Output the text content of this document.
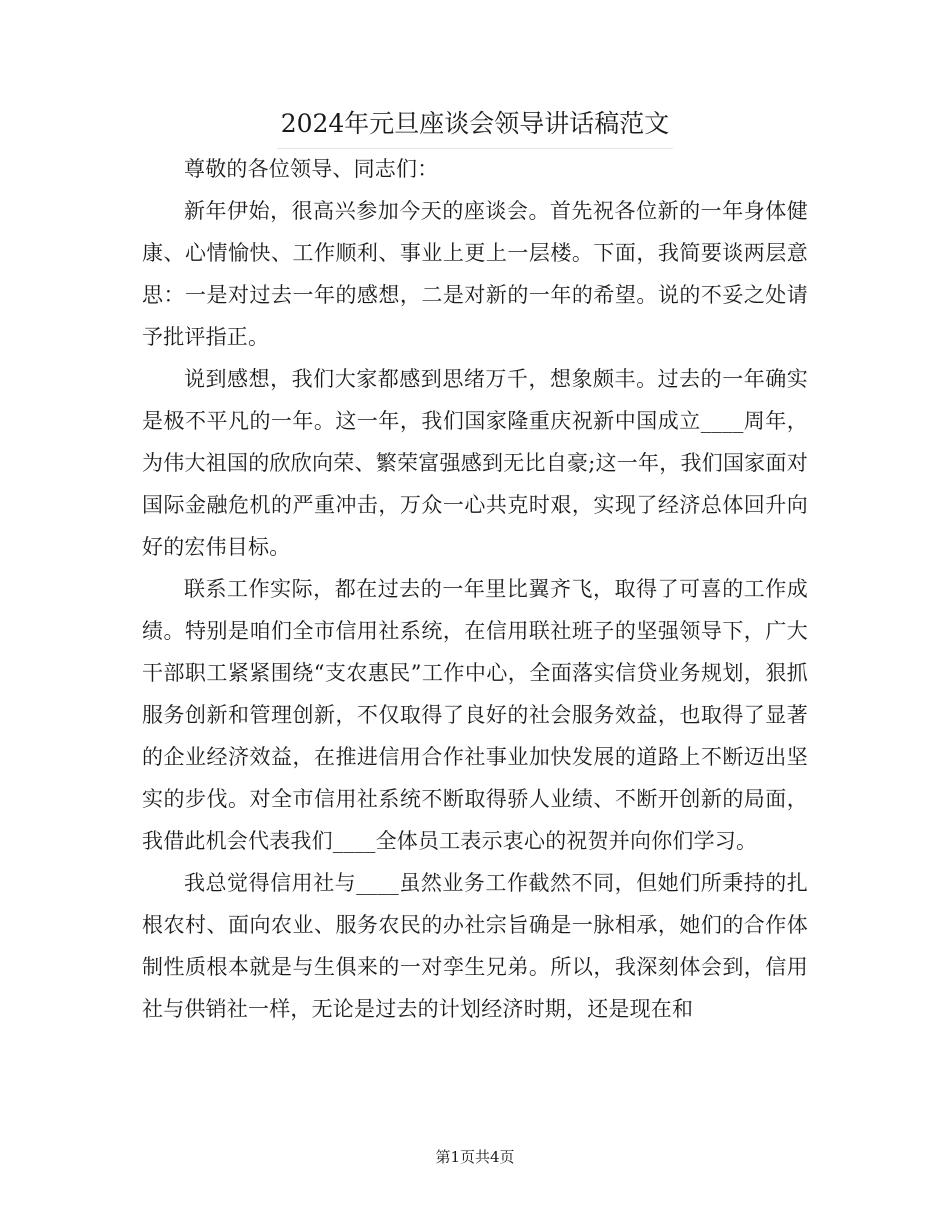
2024年元旦座谈会领导讲话稿范文

尊敬的各位领导、同志们：

新年伊始，很高兴参加今天的座谈会。首先祝各位新的一年身体健康、心情愉快、工作顺利、事业上更上一层楼。下面，我简要谈两层意思：一是对过去一年的感想，二是对新的一年的希望。说的不妥之处请予批评指正。

说到感想，我们大家都感到思绪万千，想象颇丰。过去的一年确实是极不平凡的一年。这一年，我们国家隆重庆祝新中国成立____周年，为伟大祖国的欣欣向荣、繁荣富强感到无比自豪;这一年，我们国家面对国际金融危机的严重冲击，万众一心共克时艰，实现了经济总体回升向好的宏伟目标。

联系工作实际，都在过去的一年里比翼齐飞，取得了可喜的工作成绩。特别是咱们全市信用社系统，在信用联社班子的坚强领导下，广大干部职工紧紧围绕“支农惠民”工作中心，全面落实信贷业务规划，狠抓服务创新和管理创新，不仅取得了良好的社会服务效益，也取得了显著的企业经济效益，在推进信用合作社事业加快发展的道路上不断迈出坚实的步伐。对全市信用社系统不断取得骄人业绩、不断开创新的局面，我借此机会代表我们____全体员工表示衷心的祝贺并向你们学习。

我总觉得信用社与____虽然业务工作截然不同，但她们所秉持的扎根农村、面向农业、服务农民的办社宗旨确是一脉相承，她们的合作体制性质根本就是与生俱来的一对孪生兄弟。所以，我深刻体会到，信用社与供销社一样，无论是过去的计划经济时期，还是现在和

第1页共4页
